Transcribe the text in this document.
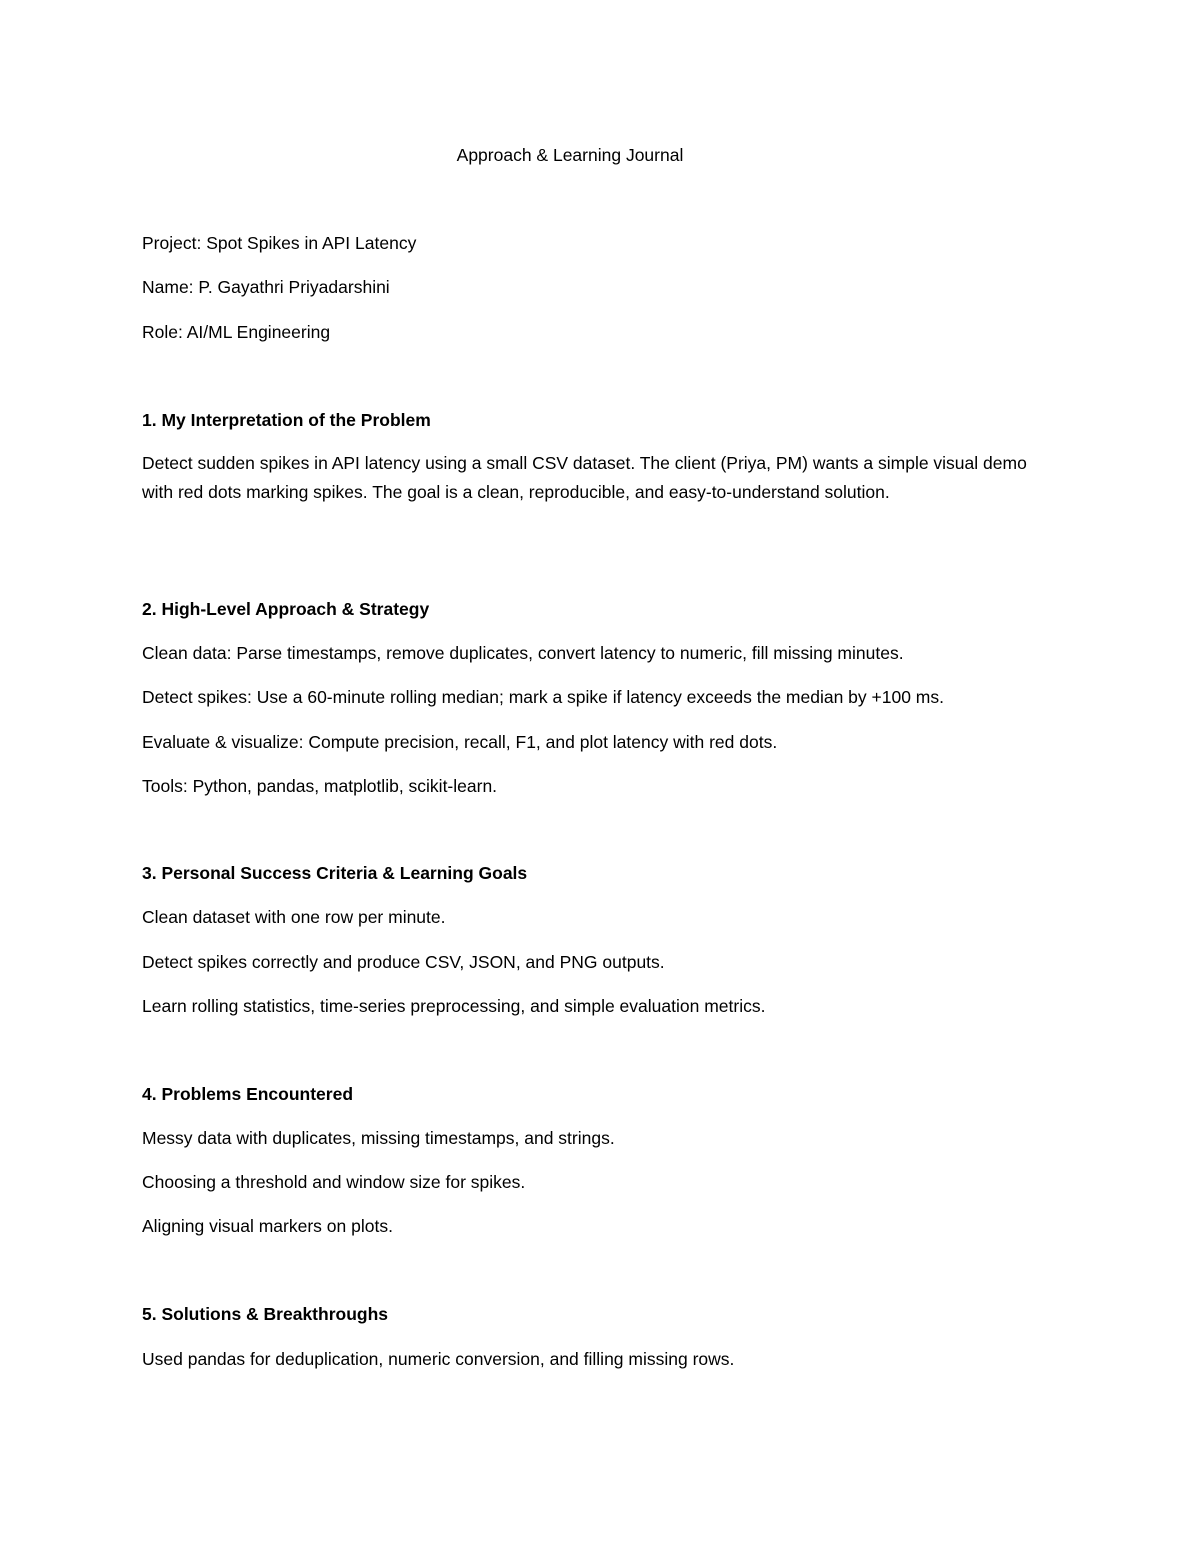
Approach & Learning Journal
Project: Spot Spikes in API Latency
Name: P. Gayathri Priyadarshini
Role: AI/ML Engineering
1. My Interpretation of the Problem
Detect sudden spikes in API latency using a small CSV dataset. The client (Priya, PM) wants a simple visual demo with red dots marking spikes. The goal is a clean, reproducible, and easy-to-understand solution.
2. High-Level Approach & Strategy
Clean data: Parse timestamps, remove duplicates, convert latency to numeric, fill missing minutes.
Detect spikes: Use a 60-minute rolling median; mark a spike if latency exceeds the median by +100 ms.
Evaluate & visualize: Compute precision, recall, F1, and plot latency with red dots.
Tools: Python, pandas, matplotlib, scikit-learn.
3. Personal Success Criteria & Learning Goals
Clean dataset with one row per minute.
Detect spikes correctly and produce CSV, JSON, and PNG outputs.
Learn rolling statistics, time-series preprocessing, and simple evaluation metrics.
4. Problems Encountered
Messy data with duplicates, missing timestamps, and strings.
Choosing a threshold and window size for spikes.
Aligning visual markers on plots.
5. Solutions & Breakthroughs
Used pandas for deduplication, numeric conversion, and filling missing rows.
